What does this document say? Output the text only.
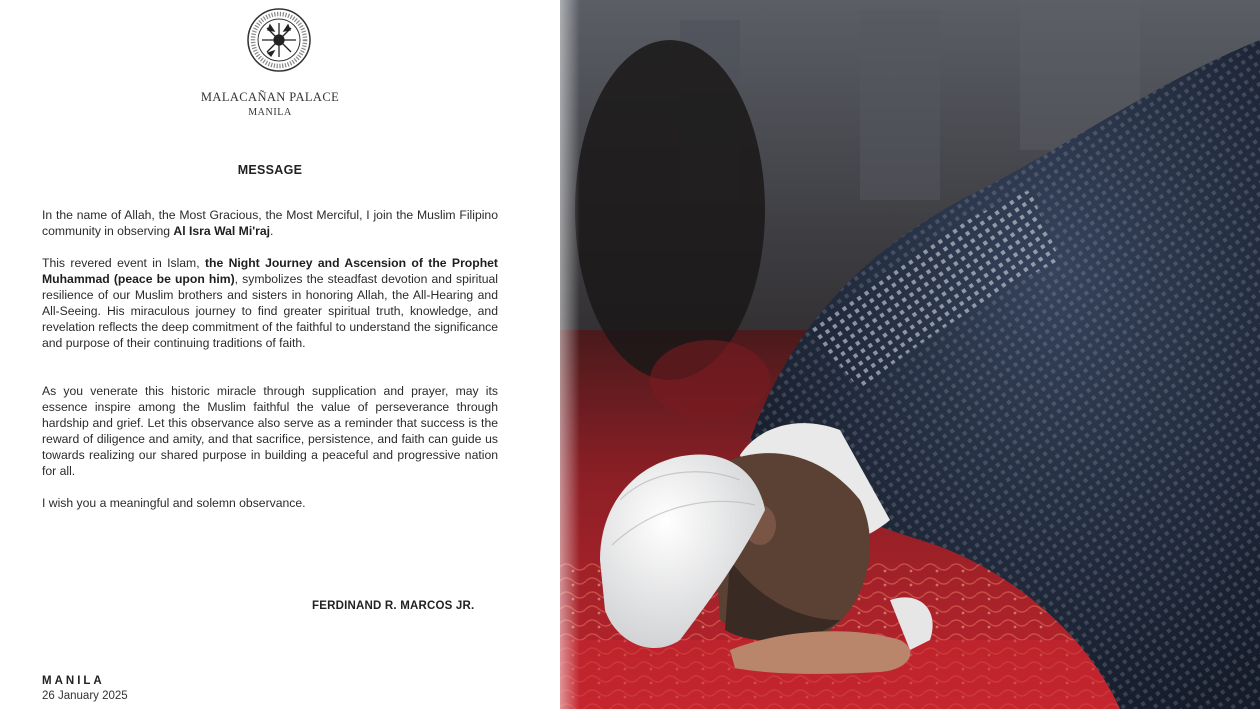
MALACAÑAN PALACE
MANILA
MESSAGE

In the name of Allah, the Most Gracious, the Most Merciful, I join the Muslim Filipino community in observing Al Isra Wal Mi'raj.

This revered event in Islam, the Night Journey and Ascension of the Prophet Muhammad (peace be upon him), symbolizes the steadfast devotion and spiritual resilience of our Muslim brothers and sisters in honoring Allah, the All-Hearing and All-Seeing. His miraculous journey to find greater spiritual truth, knowledge, and revelation reflects the deep commitment of the faithful to understand the significance and purpose of their continuing traditions of faith.

As you venerate this historic miracle through supplication and prayer, may its essence inspire among the Muslim faithful the value of perseverance through hardship and grief. Let this observance also serve as a reminder that success is the reward of diligence and amity, and that sacrifice, persistence, and faith can guide us towards realizing our shared purpose in building a peaceful and progressive nation for all.

I wish you a meaningful and solemn observance.

FERDINAND R. MARCOS JR.
MANILA
26 January 2025
